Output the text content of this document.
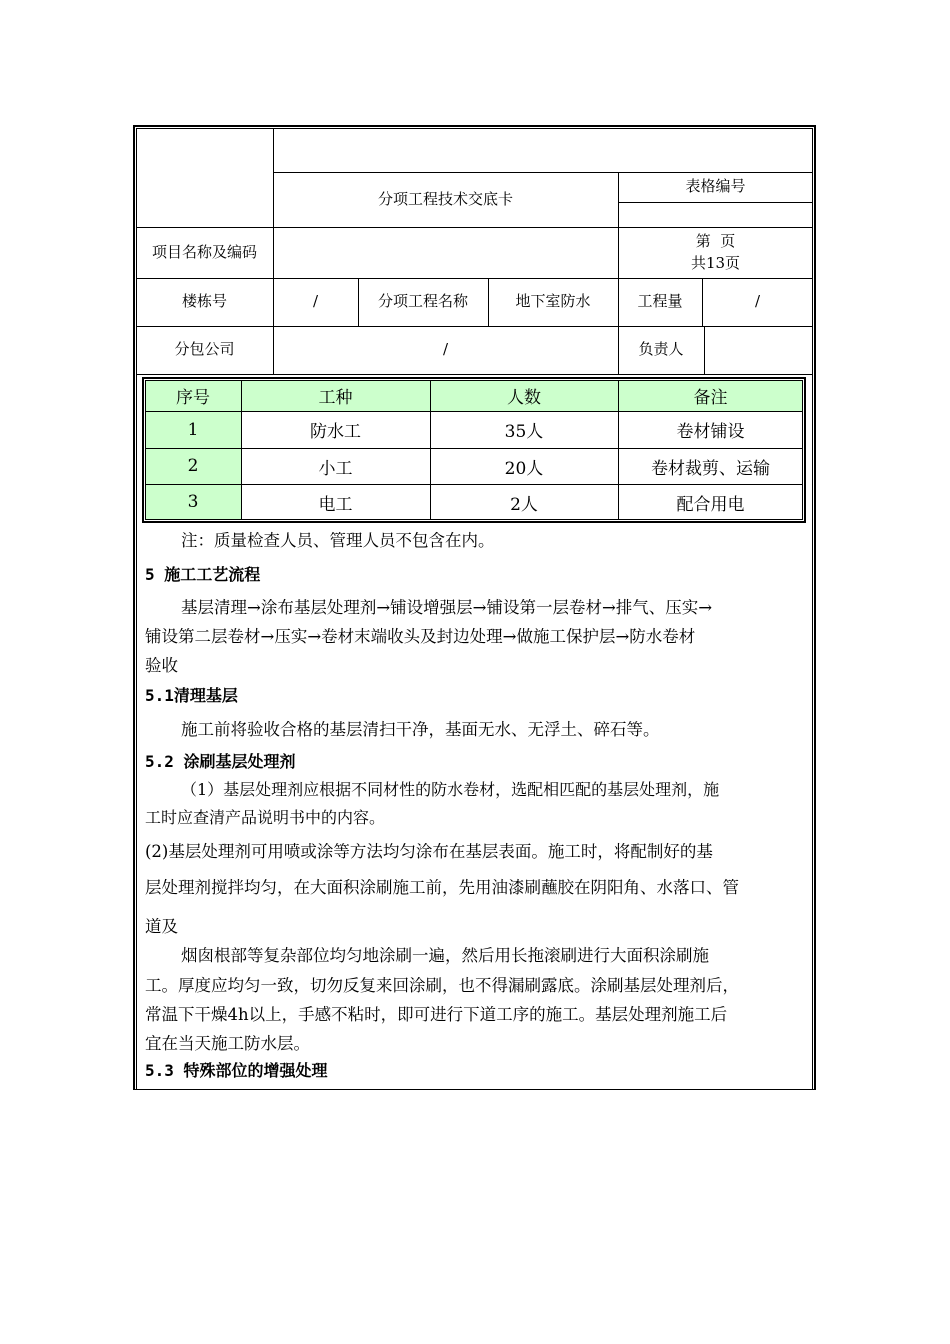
分项工程技术交底卡
表格编号
项目名称及编码
第  页
共13页
楼栋号	/	分项工程名称	地下室防水	工程量	/
分包公司	/	负责人
序号	工种	人数	备注
1	防水工	35人	卷材铺设
2	小工	20人	卷材裁剪、运输
3	电工	2人	配合用电
注：质量检查人员、管理人员不包含在内。
5 施工工艺流程
基层清理→涂布基层处理剂→铺设增强层→铺设第一层卷材→排气、压实→
铺设第二层卷材→压实→卷材末端收头及封边处理→做施工保护层→防水卷材
验收
5.1清理基层
施工前将验收合格的基层清扫干净，基面无水、无浮土、碎石等。
5.2 涂刷基层处理剂
（1）基层处理剂应根据不同材性的防水卷材，选配相匹配的基层处理剂，施
工时应查清产品说明书中的内容。
(2)基层处理剂可用喷或涂等方法均匀涂布在基层表面。施工时，将配制好的基
层处理剂搅拌均匀，在大面积涂刷施工前，先用油漆刷蘸胶在阴阳角、水落口、管
道及
烟囱根部等复杂部位均匀地涂刷一遍，然后用长拖滚刷进行大面积涂刷施
工。厚度应均匀一致，切勿反复来回涂刷，也不得漏刷露底。涂刷基层处理剂后，
常温下干燥4h以上，手感不粘时，即可进行下道工序的施工。基层处理剂施工后
宜在当天施工防水层。
5.3 特殊部位的增强处理
